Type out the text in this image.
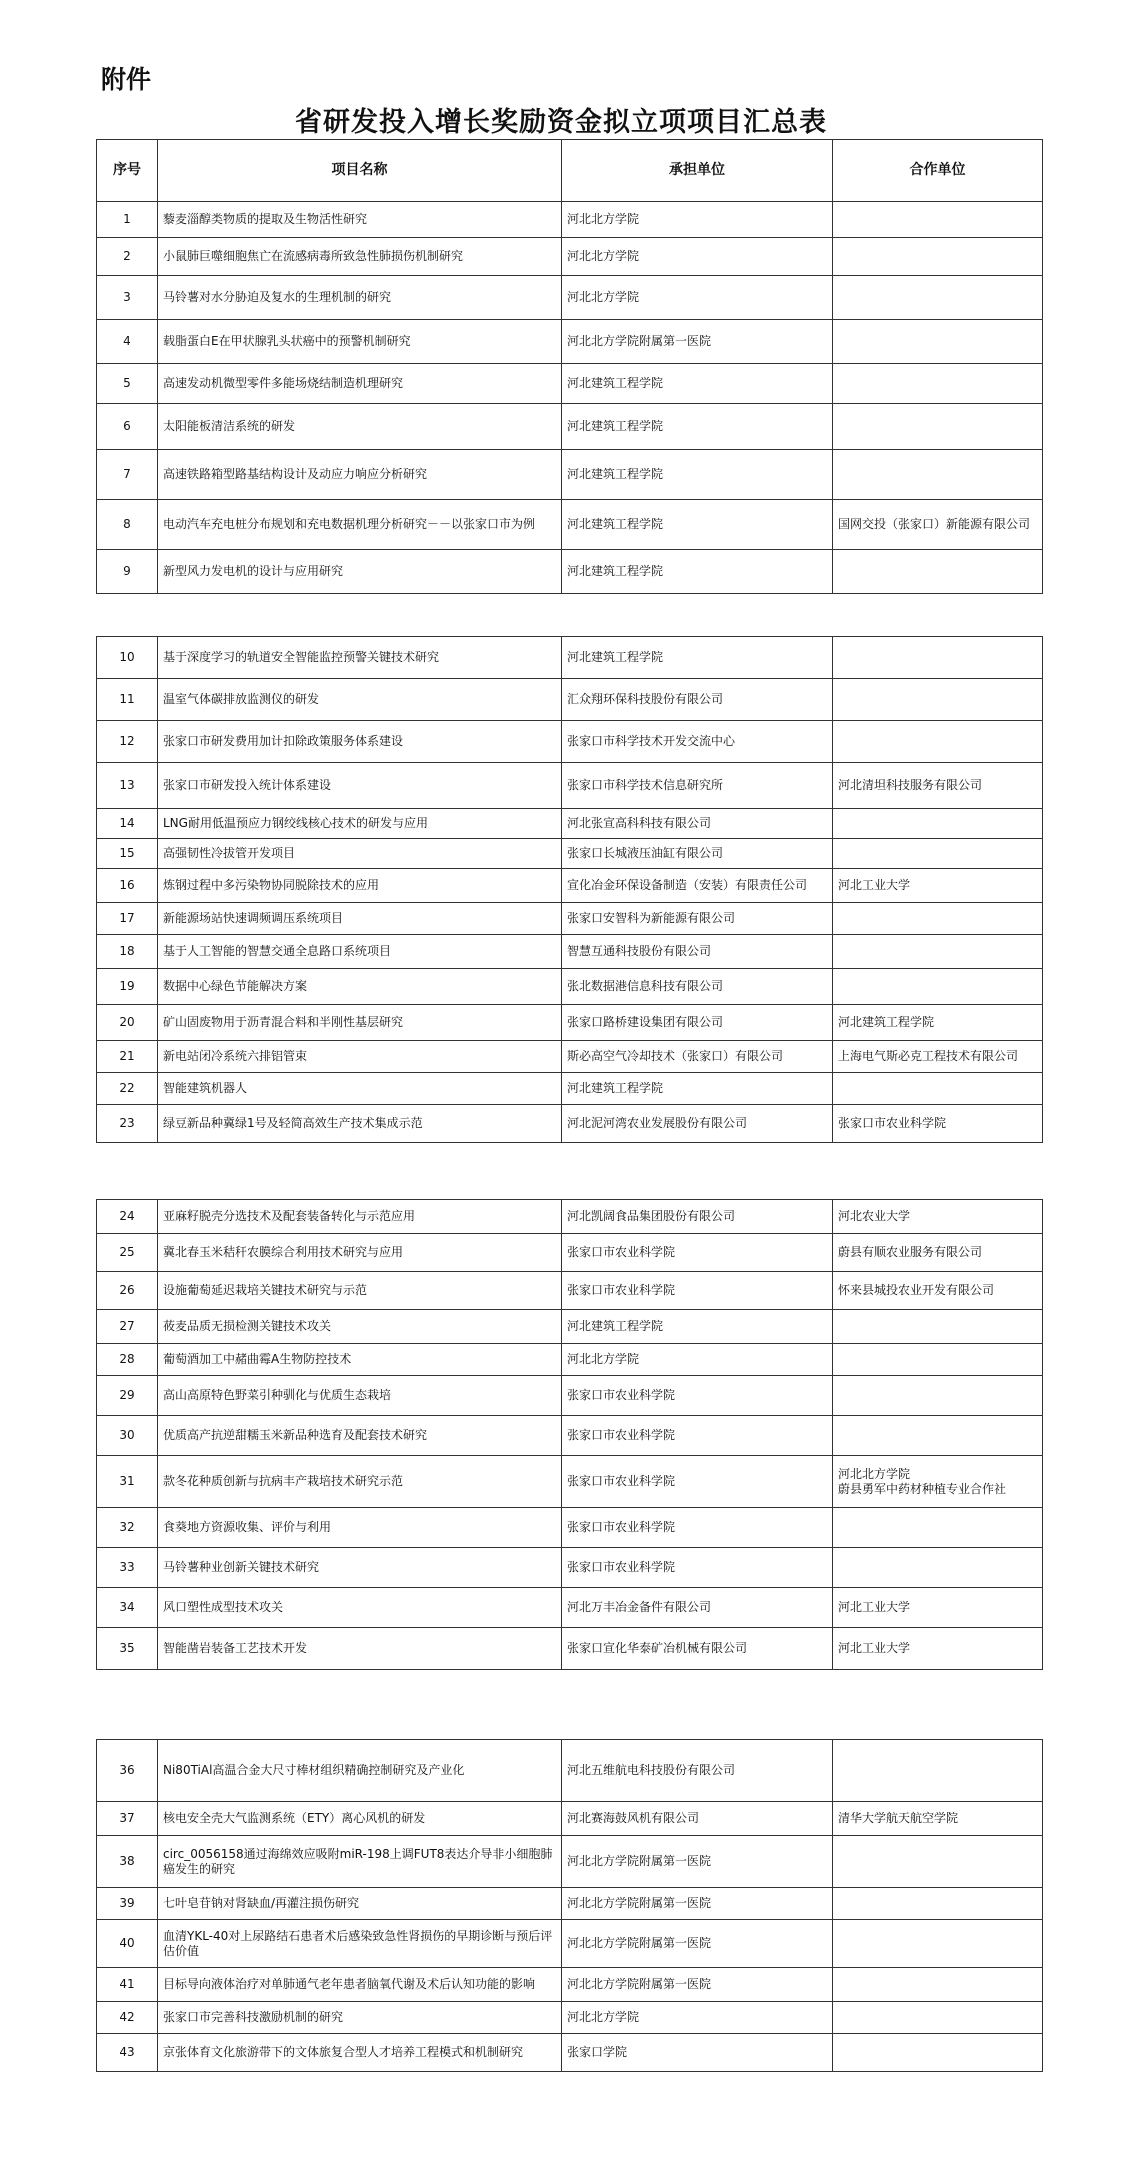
附件
省研发投入增长奖励资金拟立项项目汇总表
序号	项目名称	承担单位	合作单位
1	藜麦淄醇类物质的提取及生物活性研究	河北北方学院	
2	小鼠肺巨噬细胞焦亡在流感病毒所致急性肺损伤机制研究	河北北方学院	
3	马铃薯对水分胁迫及复水的生理机制的研究	河北北方学院	
4	载脂蛋白E在甲状腺乳头状癌中的预警机制研究	河北北方学院附属第一医院	
5	高速发动机微型零件多能场烧结制造机理研究	河北建筑工程学院	
6	太阳能板清洁系统的研发	河北建筑工程学院	
7	高速铁路箱型路基结构设计及动应力响应分析研究	河北建筑工程学院	
8	电动汽车充电桩分布规划和充电数据机理分析研究－－以张家口市为例	河北建筑工程学院	国网交投（张家口）新能源有限公司
9	新型风力发电机的设计与应用研究	河北建筑工程学院	
10	基于深度学习的轨道安全智能监控预警关键技术研究	河北建筑工程学院	
11	温室气体碳排放监测仪的研发	汇众翔环保科技股份有限公司	
12	张家口市研发费用加计扣除政策服务体系建设	张家口市科学技术开发交流中心	
13	张家口市研发投入统计体系建设	张家口市科学技术信息研究所	河北清坦科技服务有限公司
14	LNG耐用低温预应力钢绞线核心技术的研发与应用	河北张宣高科科技有限公司	
15	高强韧性冷拔管开发项目	张家口长城液压油缸有限公司	
16	炼钢过程中多污染物协同脱除技术的应用	宣化冶金环保设备制造（安装）有限责任公司	河北工业大学
17	新能源场站快速调频调压系统项目	张家口安智科为新能源有限公司	
18	基于人工智能的智慧交通全息路口系统项目	智慧互通科技股份有限公司	
19	数据中心绿色节能解决方案	张北数据港信息科技有限公司	
20	矿山固废物用于沥青混合料和半刚性基层研究	张家口路桥建设集团有限公司	河北建筑工程学院
21	新电站闭冷系统六排铝管束	斯必高空气冷却技术（张家口）有限公司	上海电气斯必克工程技术有限公司
22	智能建筑机器人	河北建筑工程学院	
23	绿豆新品种冀绿1号及轻简高效生产技术集成示范	河北泥河湾农业发展股份有限公司	张家口市农业科学院
24	亚麻籽脱壳分选技术及配套装备转化与示范应用	河北凯阔食品集团股份有限公司	河北农业大学
25	冀北春玉米秸秆农膜综合利用技术研究与应用	张家口市农业科学院	蔚县有顺农业服务有限公司
26	设施葡萄延迟栽培关键技术研究与示范	张家口市农业科学院	怀来县城投农业开发有限公司
27	莜麦品质无损检测关键技术攻关	河北建筑工程学院	
28	葡萄酒加工中赭曲霉A生物防控技术	河北北方学院	
29	高山高原特色野菜引种驯化与优质生态栽培	张家口市农业科学院	
30	优质高产抗逆甜糯玉米新品种选育及配套技术研究	张家口市农业科学院	
31	款冬花种质创新与抗病丰产栽培技术研究示范	张家口市农业科学院	河北北方学院
蔚县勇军中药材种植专业合作社
32	食葵地方资源收集、评价与利用	张家口市农业科学院	
33	马铃薯种业创新关键技术研究	张家口市农业科学院	
34	风口塑性成型技术攻关	河北万丰冶金备件有限公司	河北工业大学
35	智能凿岩装备工艺技术开发	张家口宣化华泰矿冶机械有限公司	河北工业大学
36	Ni80TiAl高温合金大尺寸棒材组织精确控制研究及产业化	河北五维航电科技股份有限公司	
37	核电安全壳大气监测系统（ETY）离心风机的研发	河北赛海鼓风机有限公司	清华大学航天航空学院
38	circ_0056158通过海绵效应吸附miR-198上调FUT8表达介导非小细胞肺癌发生的研究	河北北方学院附属第一医院	
39	七叶皂苷钠对肾缺血/再灌注损伤研究	河北北方学院附属第一医院	
40	血清YKL-40对上尿路结石患者术后感染致急性肾损伤的早期诊断与预后评估价值	河北北方学院附属第一医院	
41	目标导向液体治疗对单肺通气老年患者脑氧代谢及术后认知功能的影响	河北北方学院附属第一医院	
42	张家口市完善科技激励机制的研究	河北北方学院	
43	京张体育文化旅游带下的文体旅复合型人才培养工程模式和机制研究	张家口学院	
